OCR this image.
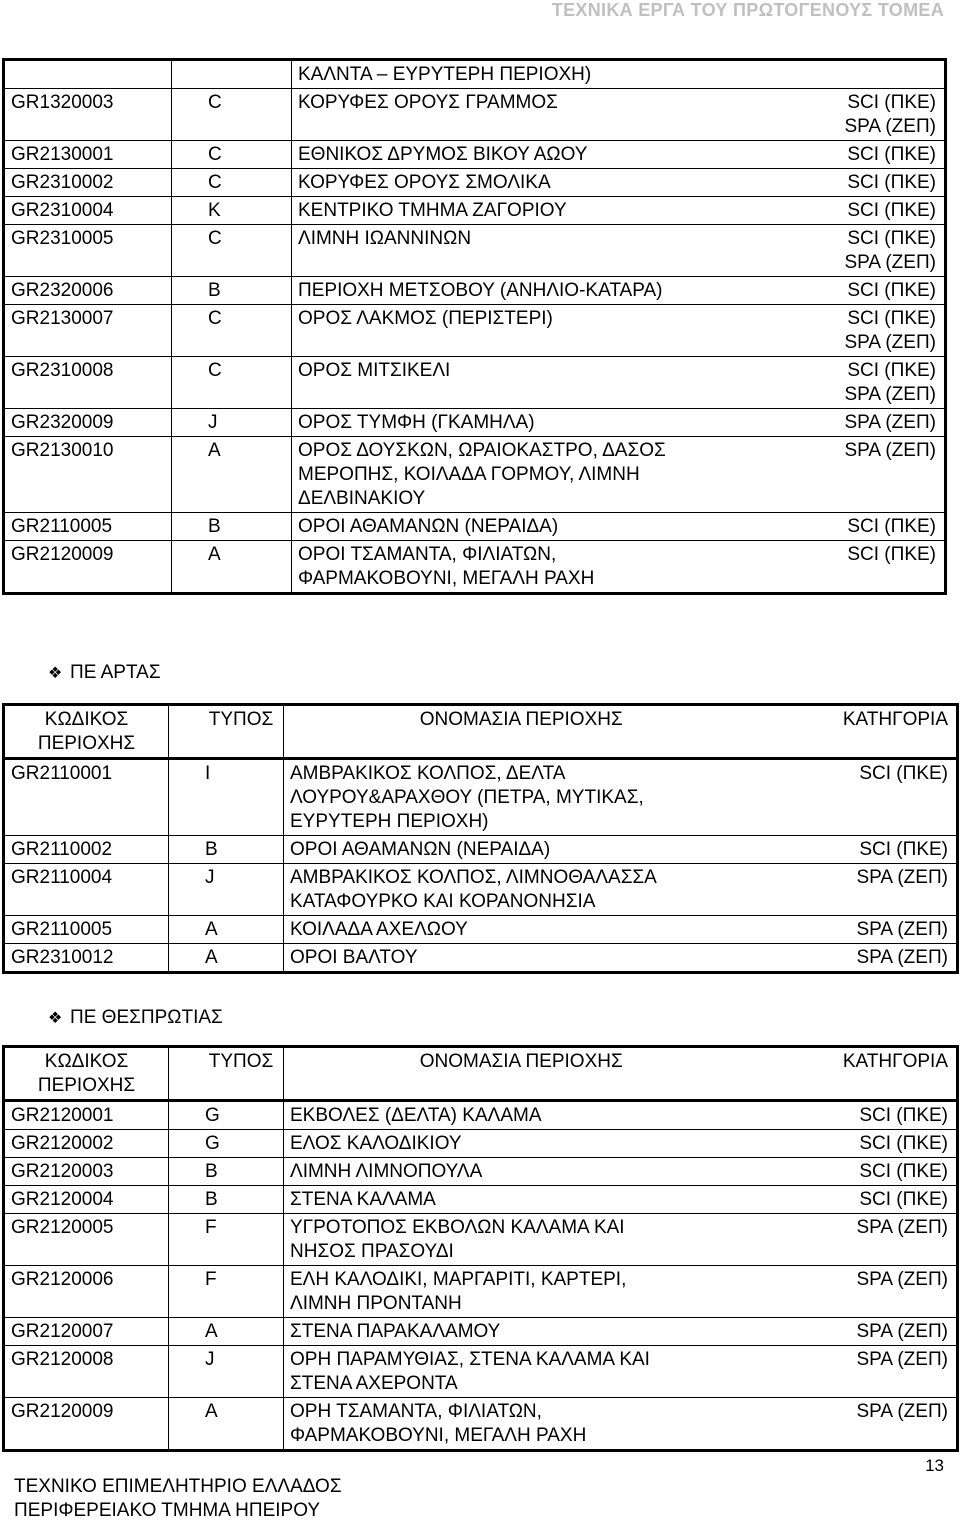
ΤΕΧΝΙΚΑ ΕΡΓΑ ΤΟΥ ΠΡΩΤΟΓΕΝΟΥΣ ΤΟΜΕΑ
		ΚΑΛΝΤΑ – ΕΥΡΥΤΕΡΗ ΠΕΡΙΟΧΗ)	
GR1320003	C	ΚΟΡΥΦΕΣ ΟΡΟΥΣ ΓΡΑΜΜΟΣ	SCI (ΠΚΕ)
SPA (ΖΕΠ)
GR2130001	C	ΕΘΝΙΚΟΣ ΔΡΥΜΟΣ ΒΙΚΟΥ ΑΩΟΥ	SCI (ΠΚΕ)

GR2310002	C	ΚΟΡΥΦΕΣ ΟΡΟΥΣ ΣΜΟΛΙΚΑ	SCI (ΠΚΕ)
GR2310004	K	ΚΕΝΤΡΙΚΟ ΤΜΗΜΑ ΖΑΓΟΡΙΟΥ	SCI (ΠΚΕ)
GR2310005	C	ΛΙΜΝΗ ΙΩΑΝΝΙΝΩΝ	SCI (ΠΚΕ)
SPA (ΖΕΠ)
GR2320006	B	ΠΕΡΙΟΧΗ ΜΕΤΣΟΒΟΥ (ΑΝΗΛΙΟ-ΚΑΤΑΡΑ)	SCI (ΠΚΕ)
GR2130007	C	ΟΡΟΣ ΛΑΚΜΟΣ (ΠΕΡΙΣΤΕΡΙ)	SCI (ΠΚΕ)
SPA (ΖΕΠ)
GR2310008	C	ΟΡΟΣ ΜΙΤΣΙΚΕΛΙ	SCI (ΠΚΕ)
SPA (ΖΕΠ)
GR2320009	J	ΟΡΟΣ ΤΥΜΦΗ (ΓΚΑΜΗΛΑ)	SPA (ΖΕΠ)
GR2130010	A	ΟΡΟΣ ΔΟΥΣΚΩΝ, ΩΡΑΙΟΚΑΣΤΡΟ, ΔΑΣΟΣ
ΜΕΡΟΠΗΣ, ΚΟΙΛΑΔΑ ΓΟΡΜΟΥ, ΛΙΜΝΗ
ΔΕΛΒΙΝΑΚΙΟΥ	SPA (ΖΕΠ)
GR2110005	B	ΟΡΟΙ ΑΘΑΜΑΝΩΝ (ΝΕΡΑΙΔΑ)	SCI (ΠΚΕ)
GR2120009	A	ΟΡΟΙ ΤΣΑΜΑΝΤΑ, ΦΙΛΙΑΤΩΝ,
ΦΑΡΜΑΚΟΒΟΥΝΙ, ΜΕΓΑΛΗ ΡΑΧΗ	SCI (ΠΚΕ)
❖ ΠΕ ΑΡΤΑΣ
ΚΩΔΙΚΟΣ
ΠΕΡΙΟΧΗΣ	ΤΥΠΟΣ	ΟΝΟΜΑΣΙΑ ΠΕΡΙΟΧΗΣ	ΚΑΤΗΓΟΡΙΑ
GR2110001	I	ΑΜΒΡΑΚΙΚΟΣ ΚΟΛΠΟΣ, ΔΕΛΤΑ
ΛΟΥΡΟΥ&ΑΡΑΧΘΟΥ (ΠΕΤΡΑ, ΜΥΤΙΚΑΣ,
ΕΥΡΥΤΕΡΗ ΠΕΡΙΟΧΗ)	SCI (ΠΚΕ)
GR2110002	B	ΟΡΟΙ ΑΘΑΜΑΝΩΝ (ΝΕΡΑΙΔΑ)	SCI (ΠΚΕ)
GR2110004	J	ΑΜΒΡΑΚΙΚΟΣ ΚΟΛΠΟΣ, ΛΙΜΝΟΘΑΛΑΣΣΑ
ΚΑΤΑΦΟΥΡΚΟ ΚΑΙ ΚΟΡΑΝΟΝΗΣΙΑ	SPA (ΖΕΠ)
GR2110005	A	ΚΟΙΛΑΔΑ ΑΧΕΛΩΟΥ	SPA (ΖΕΠ)
GR2310012	A	ΟΡΟΙ ΒΑΛΤΟΥ	SPA (ΖΕΠ)
❖ ΠΕ ΘΕΣΠΡΩΤΙΑΣ
ΚΩΔΙΚΟΣ
ΠΕΡΙΟΧΗΣ	ΤΥΠΟΣ	ΟΝΟΜΑΣΙΑ ΠΕΡΙΟΧΗΣ	ΚΑΤΗΓΟΡΙΑ
GR2120001	G	ΕΚΒΟΛΕΣ (ΔΕΛΤΑ) ΚΑΛΑΜΑ	SCI (ΠΚΕ)
GR2120002	G	ΕΛΟΣ ΚΑΛΟΔΙΚΙΟΥ	SCI (ΠΚΕ)
GR2120003	B	ΛΙΜΝΗ ΛΙΜΝΟΠΟΥΛΑ	SCI (ΠΚΕ)
GR2120004	B	ΣΤΕΝΑ ΚΑΛΑΜΑ	SCI (ΠΚΕ)
GR2120005	F	ΥΓΡΟΤΟΠΟΣ ΕΚΒΟΛΩΝ ΚΑΛΑΜΑ ΚΑΙ
ΝΗΣΟΣ ΠΡΑΣΟΥΔΙ	SPA (ΖΕΠ)
GR2120006	F	ΕΛΗ ΚΑΛΟΔΙΚΙ, ΜΑΡΓΑΡΙΤΙ, ΚΑΡΤΕΡΙ,
ΛΙΜΝΗ ΠΡΟΝΤΑΝΗ	SPA (ΖΕΠ)
GR2120007	A	ΣΤΕΝΑ ΠΑΡΑΚΑΛΑΜΟΥ	SPA (ΖΕΠ)
GR2120008	J	ΟΡΗ ΠΑΡΑΜΥΘΙΑΣ, ΣΤΕΝΑ ΚΑΛΑΜΑ ΚΑΙ
ΣΤΕΝΑ ΑΧΕΡΟΝΤΑ	SPA (ΖΕΠ)
GR2120009	A	ΟΡΗ ΤΣΑΜΑΝΤΑ, ΦΙΛΙΑΤΩΝ,
ΦΑΡΜΑΚΟΒΟΥΝΙ, ΜΕΓΑΛΗ ΡΑΧΗ	SPA (ΖΕΠ)
13
ΤΕΧΝΙΚΟ ΕΠΙΜΕΛΗΤΗΡΙΟ ΕΛΛΑΔΟΣ
ΠΕΡΙΦΕΡΕΙΑΚΟ ΤΜΗΜΑ ΗΠΕΙΡΟΥ
